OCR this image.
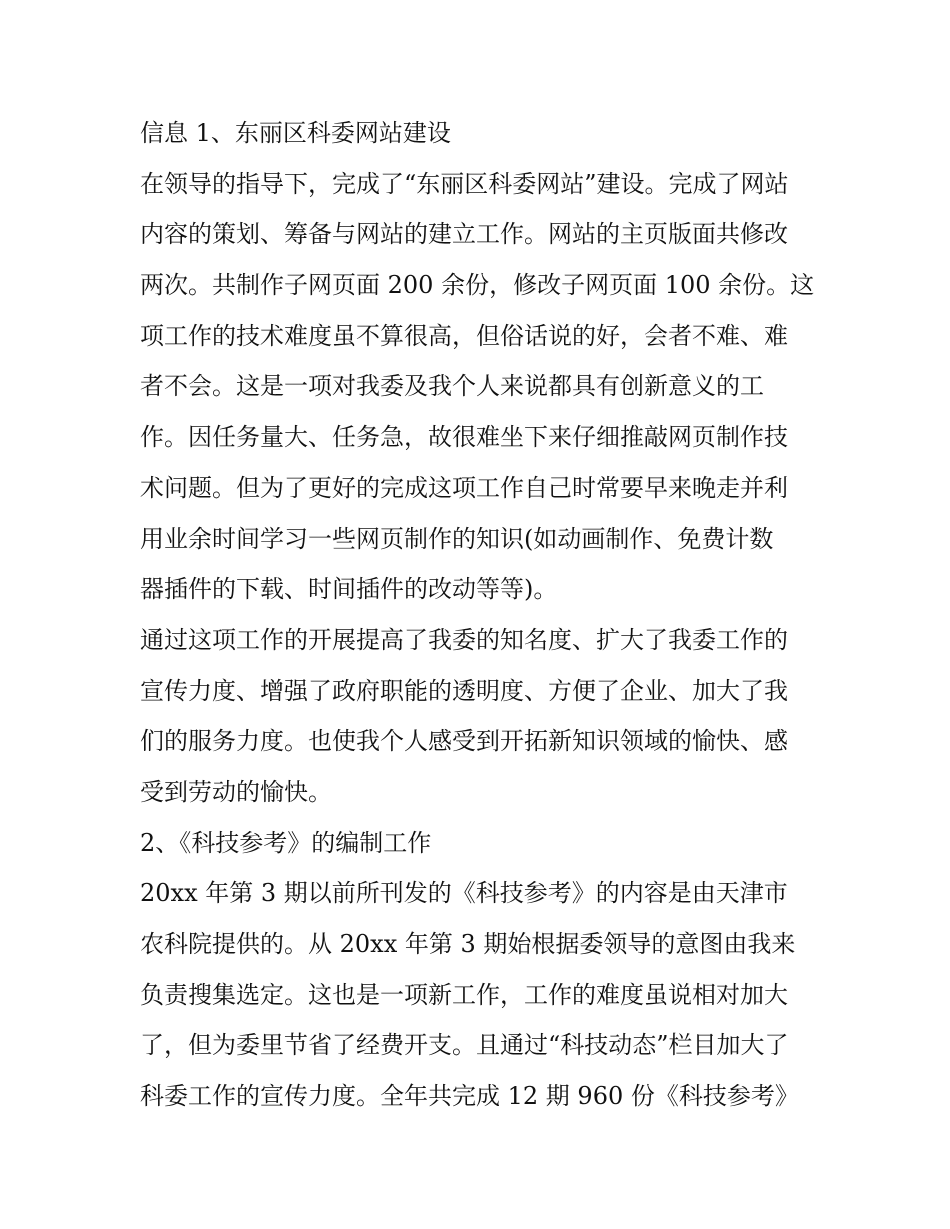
信息 1、东丽区科委网站建设
在领导的指导下，完成了“东丽区科委网站”建设。完成了网站
内容的策划、筹备与网站的建立工作。网站的主页版面共修改
两次。共制作子网页面 200 余份，修改子网页面 100 余份。这
项工作的技术难度虽不算很高，但俗话说的好，会者不难、难
者不会。这是一项对我委及我个人来说都具有创新意义的工
作。因任务量大、任务急，故很难坐下来仔细推敲网页制作技
术问题。但为了更好的完成这项工作自己时常要早来晚走并利
用业余时间学习一些网页制作的知识(如动画制作、免费计数
器插件的下载、时间插件的改动等等)。
通过这项工作的开展提高了我委的知名度、扩大了我委工作的
宣传力度、增强了政府职能的透明度、方便了企业、加大了我
们的服务力度。也使我个人感受到开拓新知识领域的愉快、感
受到劳动的愉快。
2、《科技参考》的编制工作
20xx 年第 3 期以前所刊发的《科技参考》的内容是由天津市
农科院提供的。从 20xx 年第 3 期始根据委领导的意图由我来
负责搜集选定。这也是一项新工作，工作的难度虽说相对加大
了，但为委里节省了经费开支。且通过“科技动态”栏目加大了
科委工作的宣传力度。全年共完成 12 期 960 份《科技参考》
